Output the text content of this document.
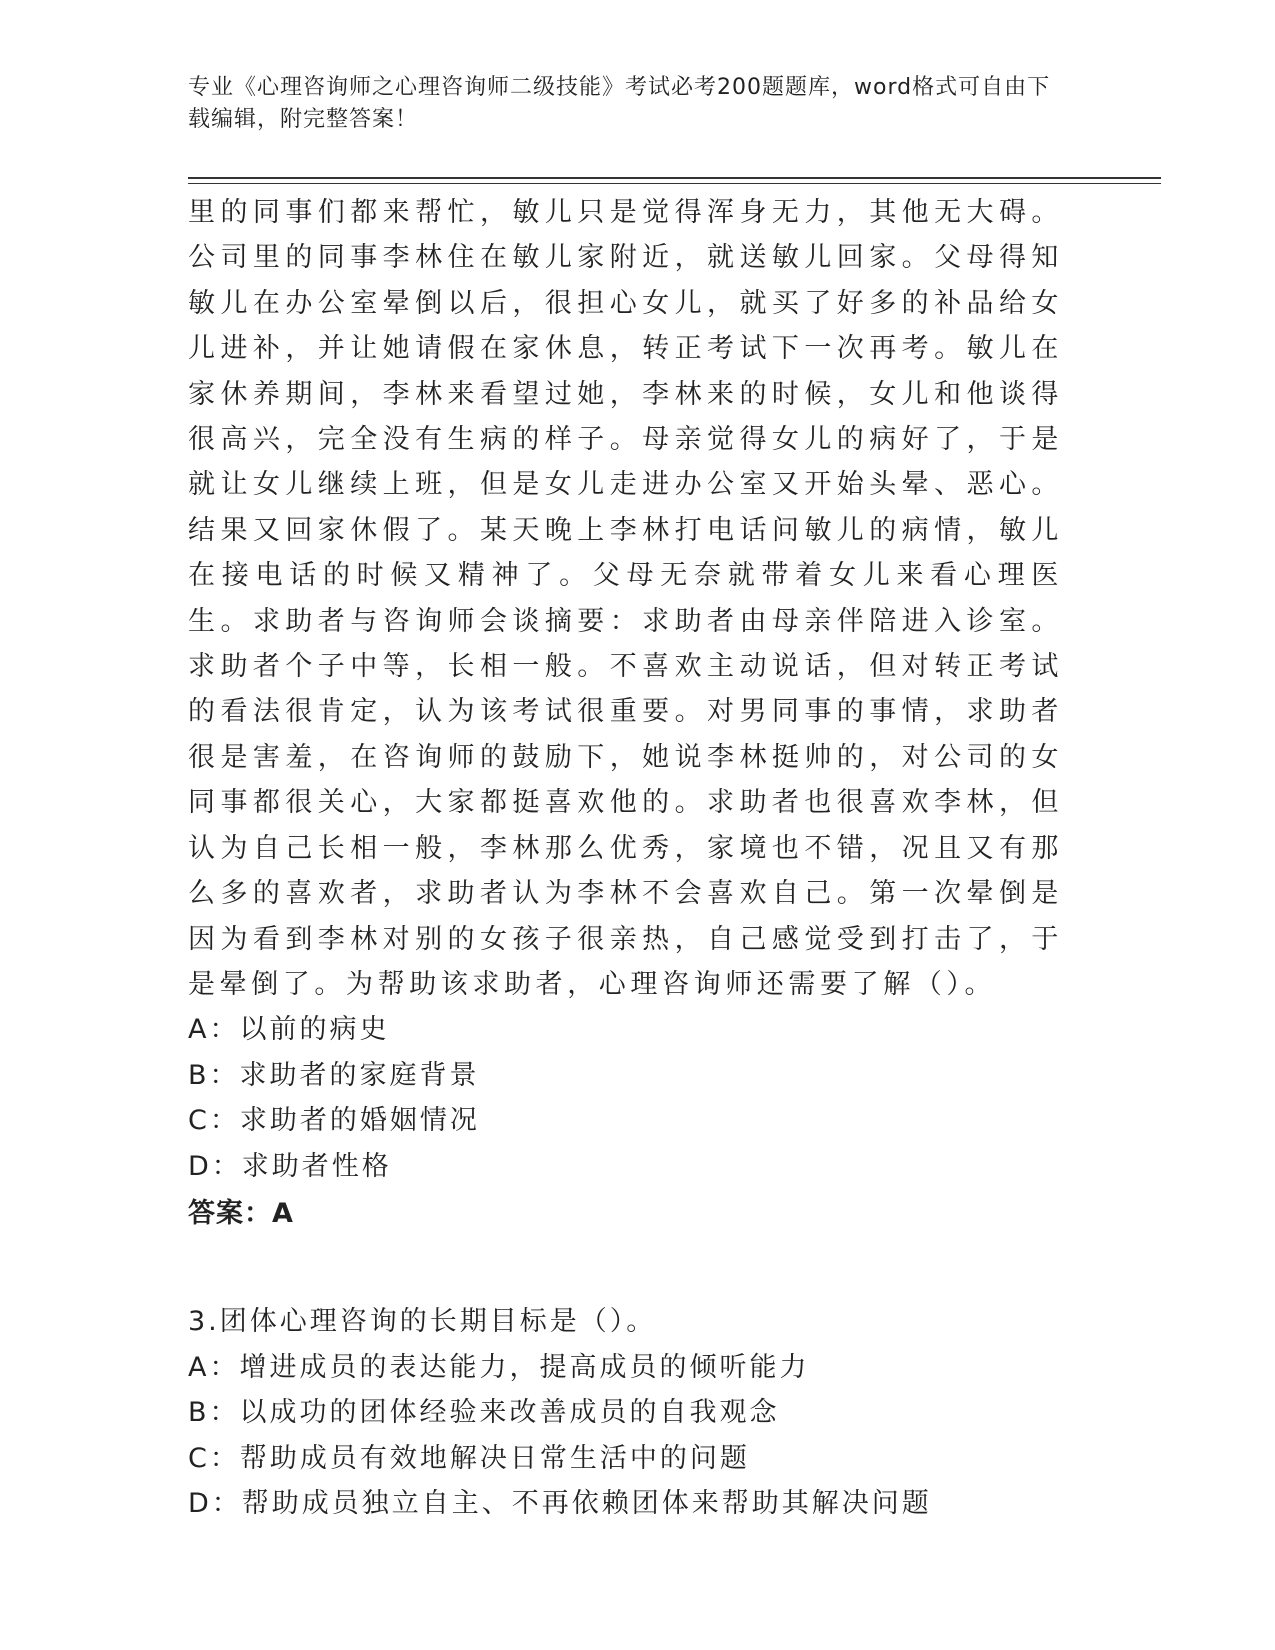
专业《心理咨询师之心理咨询师二级技能》考试必考200题题库，word格式可自由下载编辑，附完整答案！

里的同事们都来帮忙，敏儿只是觉得浑身无力，其他无大碍。公司里的同事李林住在敏儿家附近，就送敏儿回家。父母得知敏儿在办公室晕倒以后，很担心女儿，就买了好多的补品给女儿进补，并让她请假在家休息，转正考试下一次再考。敏儿在家休养期间，李林来看望过她，李林来的时候，女儿和他谈得很高兴，完全没有生病的样子。母亲觉得女儿的病好了，于是就让女儿继续上班，但是女儿走进办公室又开始头晕、恶心。结果又回家休假了。某天晚上李林打电话问敏儿的病情，敏儿在接电话的时候又精神了。父母无奈就带着女儿来看心理医生。求助者与咨询师会谈摘要：求助者由母亲伴陪进入诊室。求助者个子中等，长相一般。不喜欢主动说话，但对转正考试的看法很肯定，认为该考试很重要。对男同事的事情，求助者很是害羞，在咨询师的鼓励下，她说李林挺帅的，对公司的女同事都很关心，大家都挺喜欢他的。求助者也很喜欢李林，但认为自己长相一般，李林那么优秀，家境也不错，况且又有那么多的喜欢者，求助者认为李林不会喜欢自己。第一次晕倒是因为看到李林对别的女孩子很亲热，自己感觉受到打击了，于是晕倒了。为帮助该求助者，心理咨询师还需要了解（）。

A：以前的病史

B：求助者的家庭背景

C：求助者的婚姻情况

D：求助者性格

答案：A

3.团体心理咨询的长期目标是（）。

A：增进成员的表达能力，提高成员的倾听能力

B：以成功的团体经验来改善成员的自我观念

C：帮助成员有效地解决日常生活中的问题

D：帮助成员独立自主、不再依赖团体来帮助其解决问题
